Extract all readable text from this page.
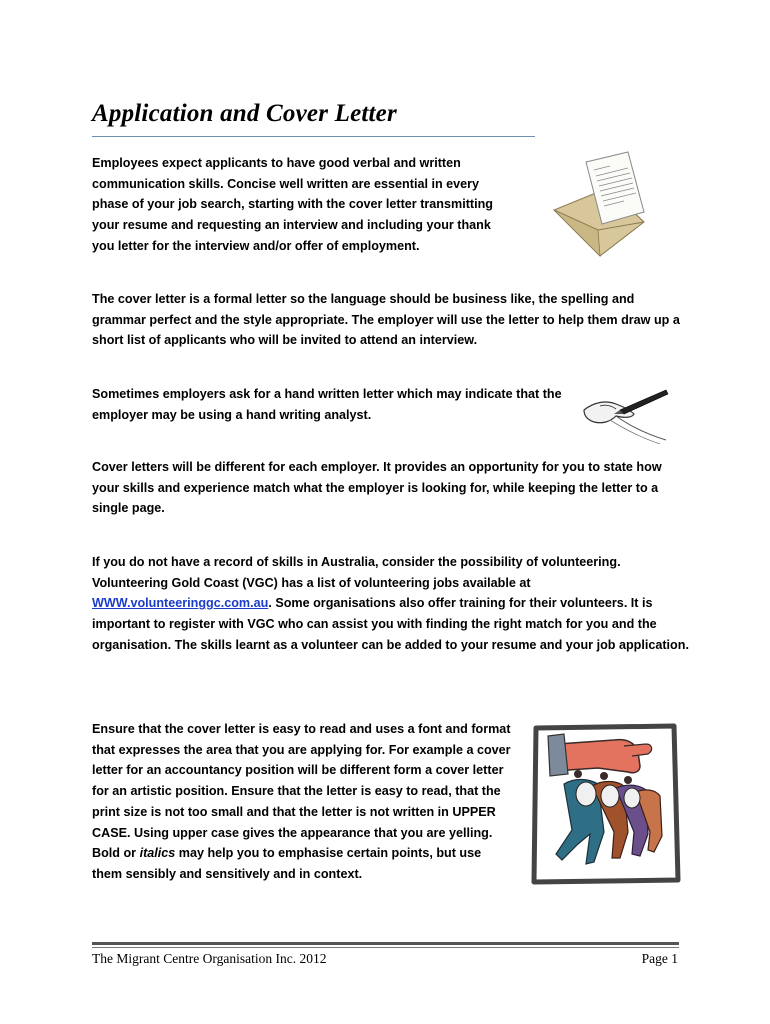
Application and Cover Letter

Employees expect applicants to have good verbal and written communication skills. Concise well written are essential in every phase of your job search, starting with the cover letter transmitting your resume and requesting an interview and including your thank you letter for the interview and/or offer of employment.

The cover letter is a formal letter so the language should be business like, the spelling and grammar perfect and the style appropriate. The employer will use the letter to help them draw up a short list of applicants who will be invited to attend an interview.

Sometimes employers ask for a hand written letter which may indicate that the employer may be using a hand writing analyst.

Cover letters will be different for each employer. It provides an opportunity for you to state how your skills and experience match what the employer is looking for, while keeping the letter to a single page.

If you do not have a record of skills in Australia, consider the possibility of volunteering. Volunteering Gold Coast (VGC) has a list of volunteering jobs available at WWW.volunteeringgc.com.au. Some organisations also offer training for their volunteers. It is important to register with VGC who can assist you with finding the right match for you and the organisation. The skills learnt as a volunteer can be added to your resume and your job application.

Ensure that the cover letter is easy to read and uses a font and format that expresses the area that you are applying for. For example a cover letter for an accountancy position will be different form a cover letter for an artistic position. Ensure that the letter is easy to read, that the print size is not too small and that the letter is not written in UPPER CASE. Using upper case gives the appearance that you are yelling. Bold or italics may help you to emphasise certain points, but use them sensibly and sensitively and in context.

The Migrant Centre Organisation Inc. 2012	Page 1
